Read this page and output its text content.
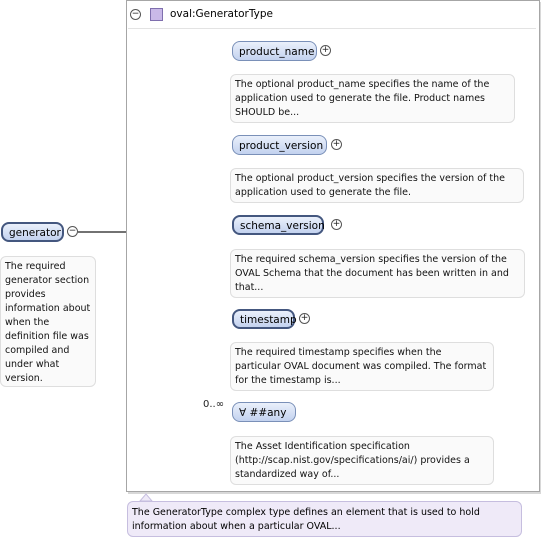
generator −
The required generator section provides information about when the definition file was compiled and under what version.
−	oval:GeneratorType
product_name +
The optional product_name specifies the name of the application used to generate the file. Product names SHOULD be...
product_version	+
The optional product_version specifies the version of the application used to generate the file.
schema_version +
The required schema_version specifies the version of the OVAL Schema that the document has been written in and that...
timestamp +
The required timestamp specifies when the particular OVAL document was compiled. The format for the timestamp is...
0..∞
∀ ##any
The Asset Identification specification (http://scap.nist.gov/specifications/ai/) provides a standardized way of...
The GeneratorType complex type defines an element that is used to hold information about when a particular OVAL...
